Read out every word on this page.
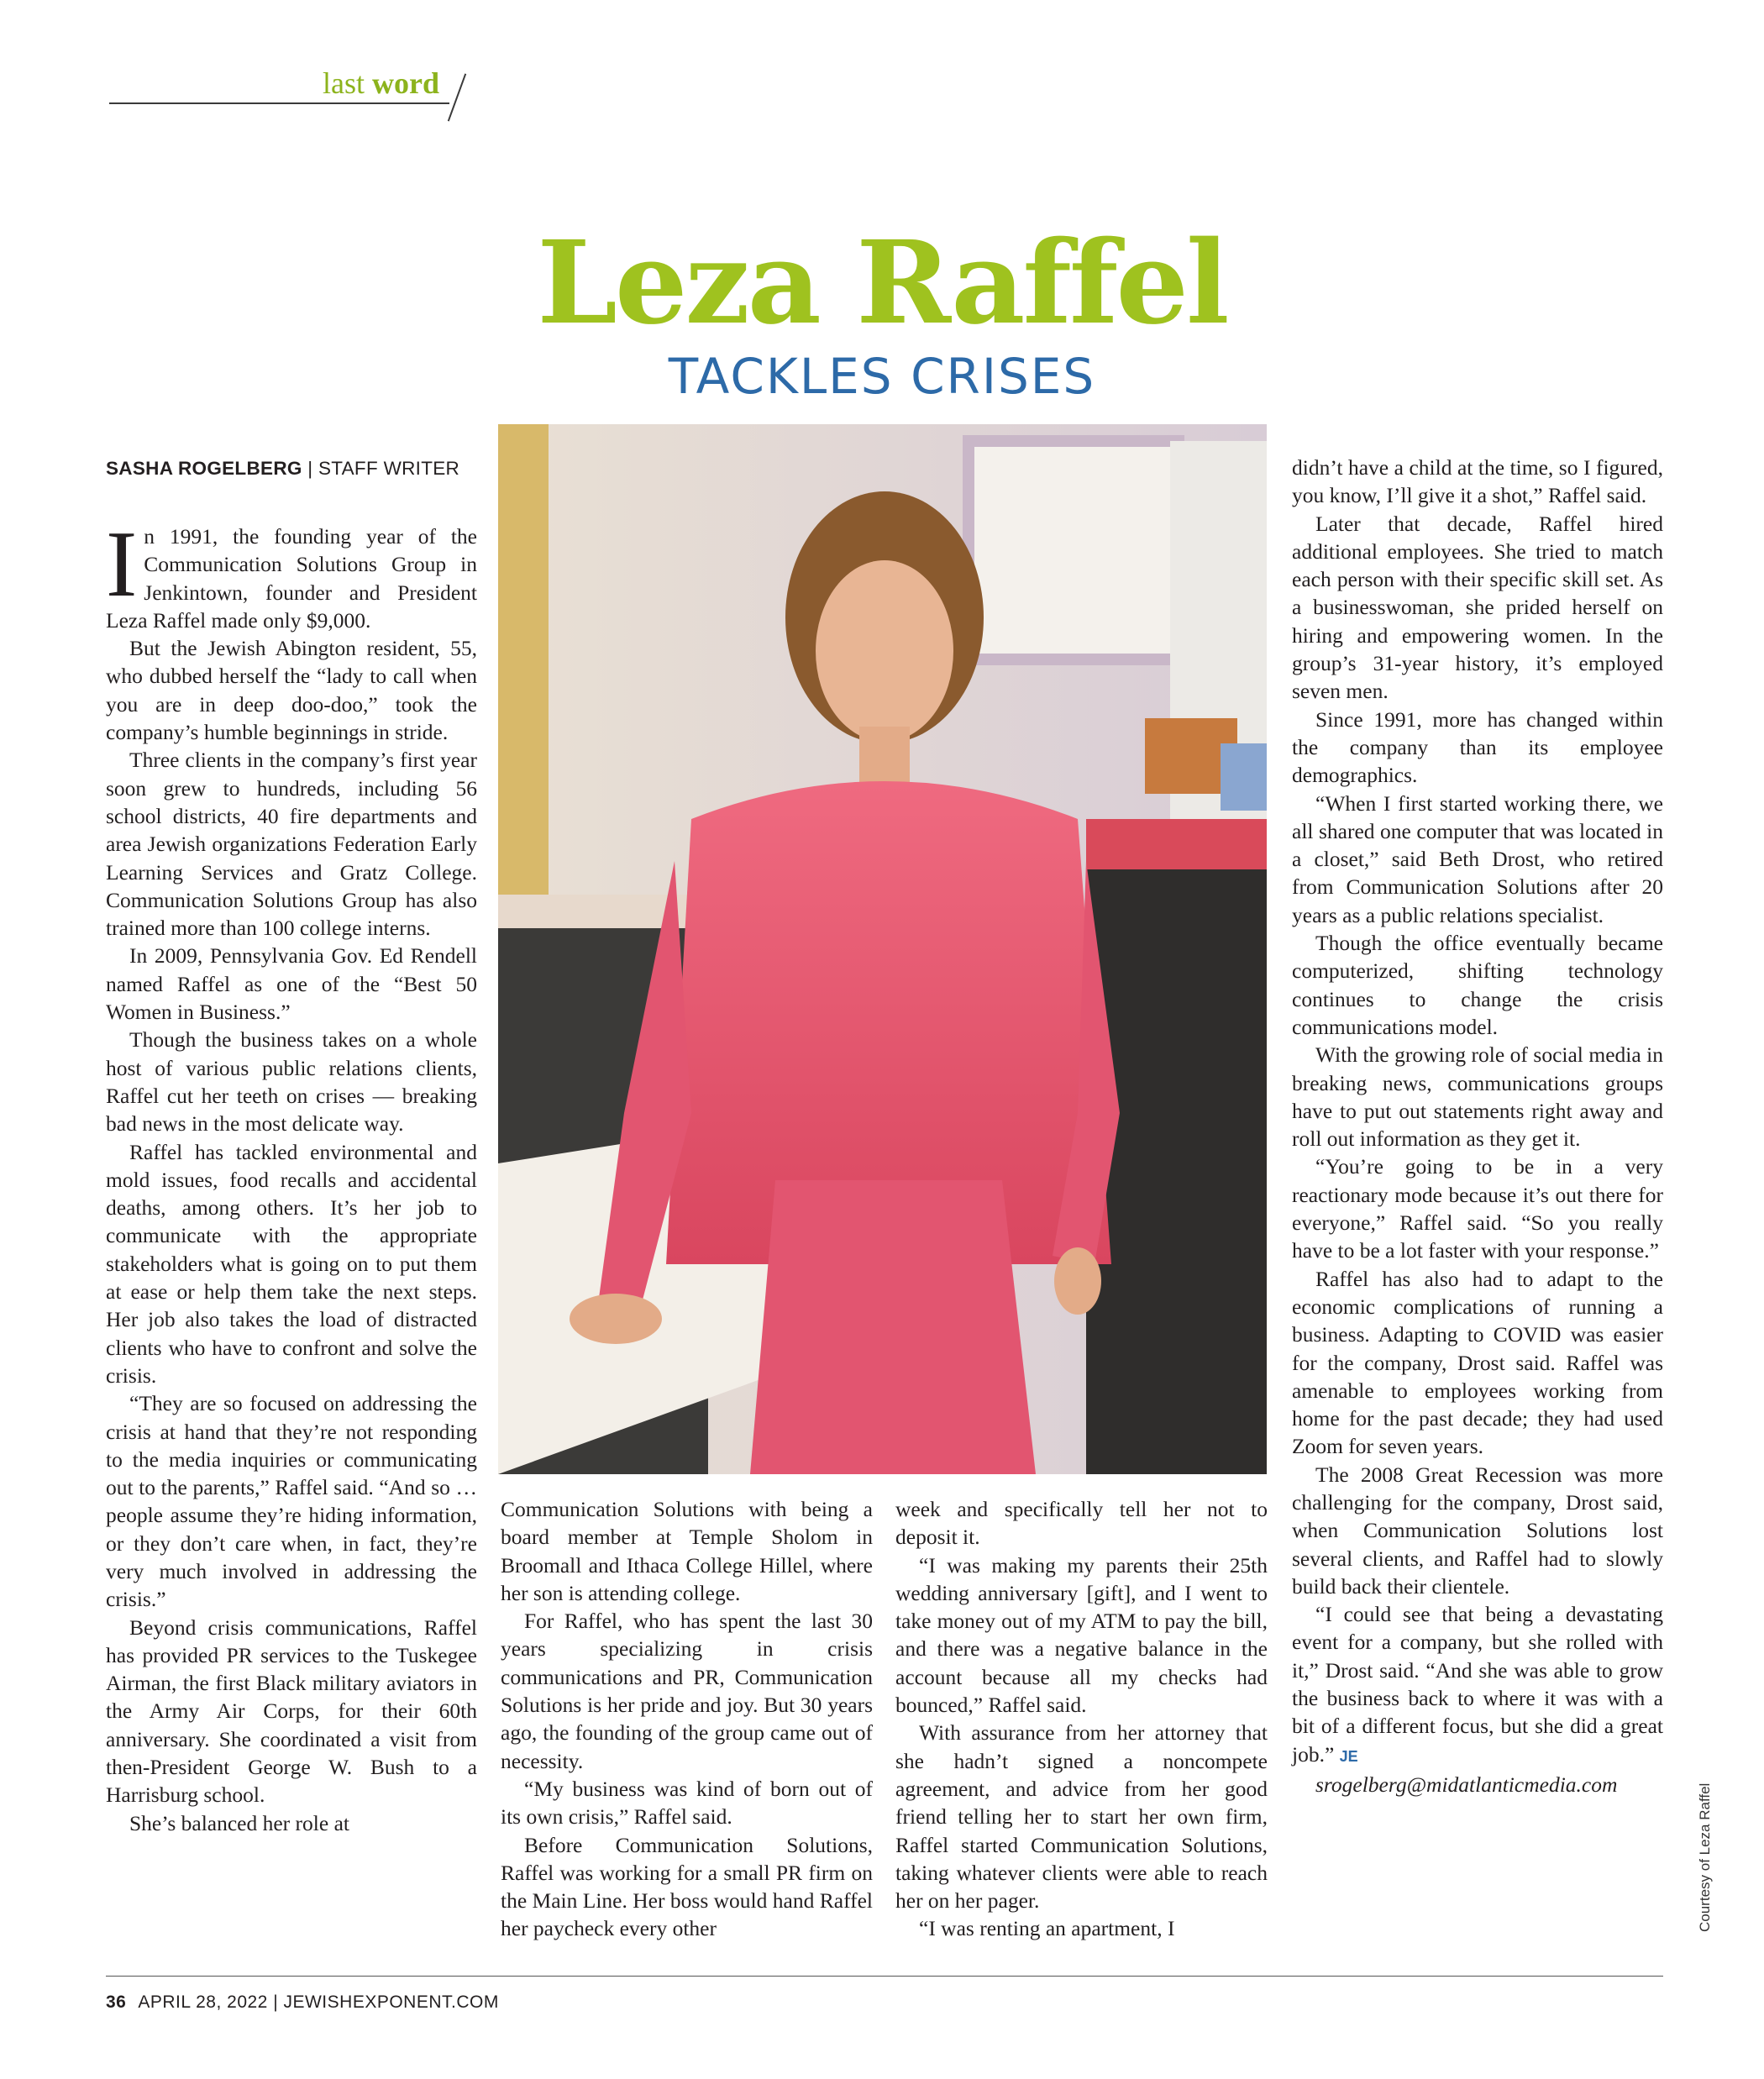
last word
Leza Raffel
TACKLES CRISES
SASHA ROGELBERG | STAFF WRITER

In 1991, the founding year of the Communication Solutions Group in Jenkintown, founder and President Leza Raffel made only $9,000.

But the Jewish Abington resident, 55, who dubbed herself the “lady to call when you are in deep doo-doo,” took the company’s humble beginnings in stride.

Three clients in the company’s first year soon grew to hundreds, including 56 school districts, 40 fire departments and area Jewish organizations Federation Early Learning Services and Gratz College. Communication Solutions Group has also trained more than 100 college interns.

In 2009, Pennsylvania Gov. Ed Rendell named Raffel as one of the “Best 50 Women in Business.”

Though the business takes on a whole host of various public relations clients, Raffel cut her teeth on crises — breaking bad news in the most delicate way.

Raffel has tackled environmental and mold issues, food recalls and accidental deaths, among others. It’s her job to communicate with the appropriate stakeholders what is going on to put them at ease or help them take the next steps. Her job also takes the load of distracted clients who have to confront and solve the crisis.

“They are so focused on addressing the crisis at hand that they’re not responding to the media inquiries or communicating out to the parents,” Raffel said. “And so … people assume they’re hiding information, or they don’t care when, in fact, they’re very much involved in addressing the crisis.”

Beyond crisis communications, Raffel has provided PR services to the Tuskegee Airman, the first Black military aviators in the Army Air Corps, for their 60th anniversary. She coordinated a visit from then-President George W. Bush to a Harrisburg school.

She’s balanced her role at

Communication Solutions with being a board member at Temple Sholom in Broomall and Ithaca College Hillel, where her son is attending college.

For Raffel, who has spent the last 30 years specializing in crisis communications and PR, Communication Solutions is her pride and joy. But 30 years ago, the founding of the group came out of necessity.

“My business was kind of born out of its own crisis,” Raffel said.

Before Communication Solutions, Raffel was working for a small PR firm on the Main Line. Her boss would hand Raffel her paycheck every other

week and specifically tell her not to deposit it.

“I was making my parents their 25th wedding anniversary [gift], and I went to take money out of my ATM to pay the bill, and there was a negative balance in the account because all my checks had bounced,” Raffel said.

With assurance from her attorney that she hadn’t signed a noncompete agreement, and advice from her good friend telling her to start her own firm, Raffel started Communication Solutions, taking whatever clients were able to reach her on her pager.

“I was renting an apartment, I

didn’t have a child at the time, so I figured, you know, I’ll give it a shot,” Raffel said.

Later that decade, Raffel hired additional employees. She tried to match each person with their specific skill set. As a businesswoman, she prided herself on hiring and empowering women. In the group’s 31-year history, it’s employed seven men.

Since 1991, more has changed within the company than its employee demographics.

“When I first started working there, we all shared one computer that was located in a closet,” said Beth Drost, who retired from Communication Solutions after 20 years as a public relations specialist.

Though the office eventually became computerized, shifting technology continues to change the crisis communications model.

With the growing role of social media in breaking news, communications groups have to put out statements right away and roll out information as they get it.

“You’re going to be in a very reactionary mode because it’s out there for everyone,” Raffel said. “So you really have to be a lot faster with your response.”

Raffel has also had to adapt to the economic complications of running a business. Adapting to COVID was easier for the company, Drost said. Raffel was amenable to employees working from home for the past decade; they had used Zoom for seven years.

The 2008 Great Recession was more challenging for the company, Drost said, when Communication Solutions lost several clients, and Raffel had to slowly build back their clientele.

“I could see that being a devastating event for a company, but she rolled with it,” Drost said. “And she was able to grow the business back to where it was with a bit of a different focus, but she did a great job.” JE

srogelberg@midatlanticmedia.com	Courtesy of Leza Raffel
36 APRIL 28, 2022 | JEWISHEXPONENT.COM
